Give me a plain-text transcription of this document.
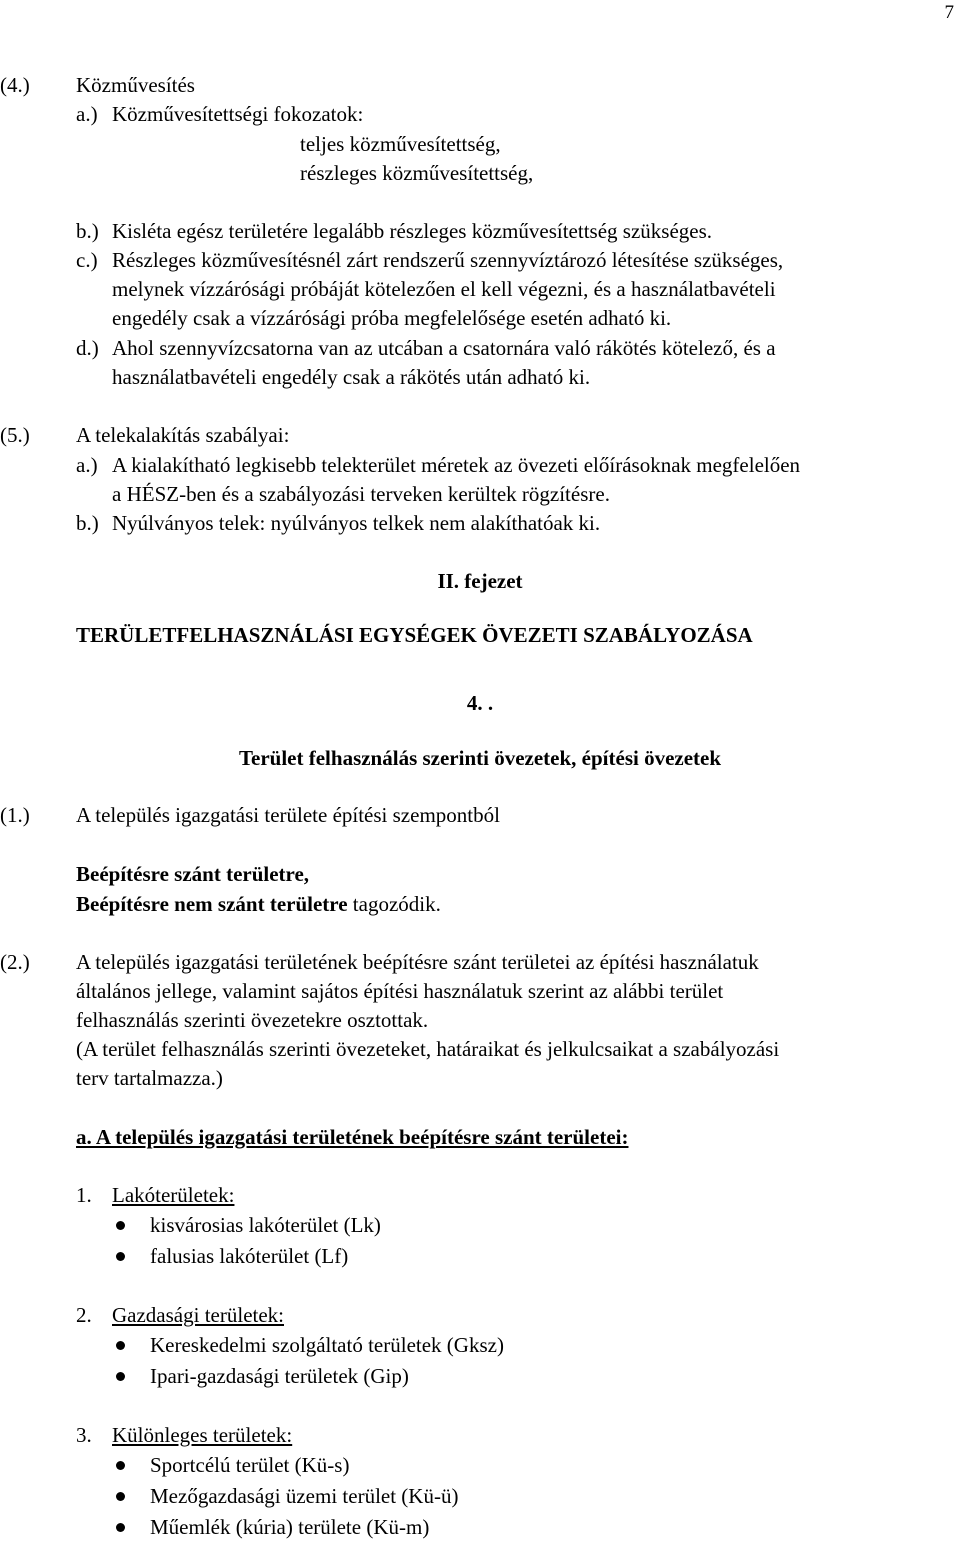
7
(4.) Közművesítés
a.) Közművesítettségi fokozatok:
teljes közművesítettség,
részleges közművesítettség,
b.) Kisléta egész területére legalább részleges közművesítettség szükséges.
c.) Részleges közművesítésnél zárt rendszerű szennyvíztározó létesítése szükséges,
melynek vízzárósági próbáját kötelezően el kell végezni, és a használatbavételi
engedély csak a vízzárósági próba megfelelősége esetén adható ki.
d.) Ahol szennyvízcsatorna van az utcában a csatornára való rákötés kötelező, és a
használatbavételi engedély csak a rákötés után adható ki.
(5.) A telekalakítás szabályai:
a.) A kialakítható legkisebb telekterület méretek az övezeti előírásoknak megfelelően
a HÉSZ-ben és a szabályozási terveken kerültek rögzítésre.
b.) Nyúlványos telek: nyúlványos telkek nem alakíthatóak ki.
II. fejezet
TERÜLETFELHASZNÁLÁSI EGYSÉGEK ÖVEZETI SZABÁLYOZÁSA
4. .
Terület felhasználás szerinti övezetek, építési övezetek
(1.) A település igazgatási területe építési szempontból
Beépítésre szánt területre,
Beépítésre nem szánt területre tagozódik.
(2.) A település igazgatási területének beépítésre szánt területei az építési használatuk
általános jellege, valamint sajátos építési használatuk szerint az alábbi terület
felhasználás szerinti övezetekre osztottak.
(A terület felhasználás szerinti övezeteket, határaikat és jelkulcsaikat a szabályozási
terv tartalmazza.)
a. A település igazgatási területének beépítésre szánt területei:
1. Lakóterületek:
kisvárosias lakóterület (Lk)
falusias lakóterület (Lf)
2. Gazdasági területek:
Kereskedelmi szolgáltató területek (Gksz)
Ipari-gazdasági területek (Gip)
3. Különleges területek:
Sportcélú terület (Kü-s)
Mezőgazdasági üzemi terület (Kü-ü)
Műemlék (kúria) területe (Kü-m)
